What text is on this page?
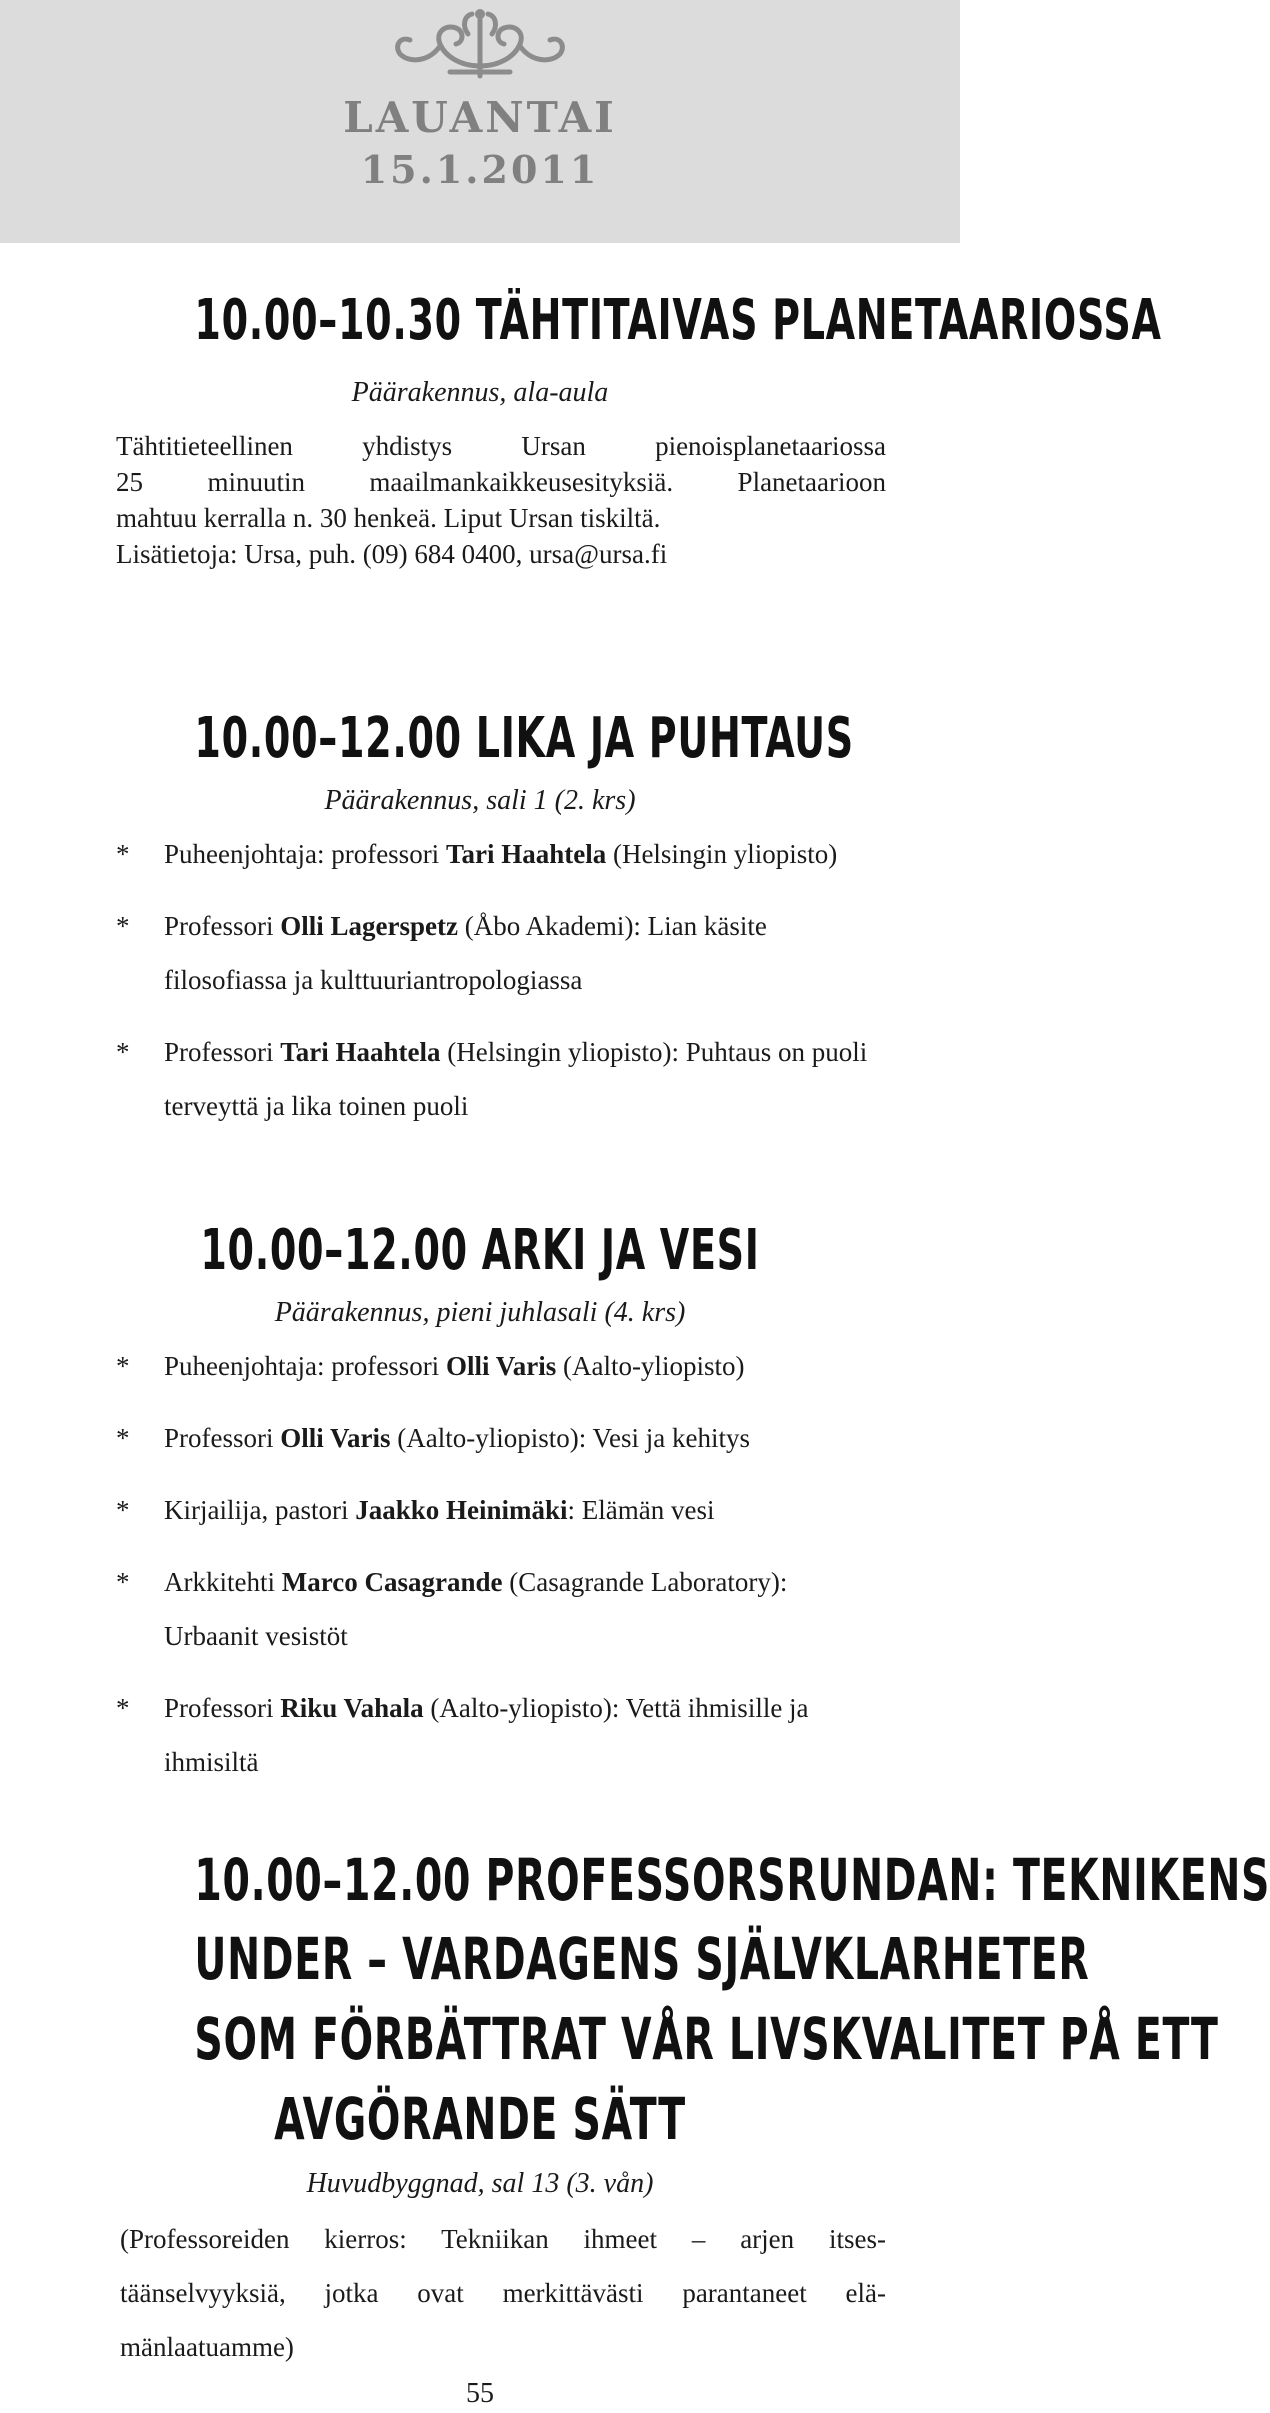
LAUANTAI
15.1.2011
10.00–10.30 TÄHTITAIVAS PLANETAARIOSSA
Päärakennus, ala-aula
Tähtitieteellinen yhdistys Ursan pienoisplanetaariossa
25 minuutin maailmankaikkeusesityksiä. Planetaarioon
mahtuu kerralla n. 30 henkeä. Liput Ursan tiskiltä.
Lisätietoja: Ursa, puh. (09) 684 0400, ursa@ursa.fi
10.00–12.00 LIKA JA PUHTAUS
Päärakennus, sali 1 (2. krs)
* Puheenjohtaja: professori Tari Haahtela (Helsingin yliopisto)
* Professori Olli Lagerspetz (Åbo Akademi): Lian käsite filosofiassa ja kulttuuriantropologiassa
* Professori Tari Haahtela (Helsingin yliopisto): Puhtaus on puoli terveyttä ja lika toinen puoli
10.00–12.00 ARKI JA VESI
Päärakennus, pieni juhlasali (4. krs)
* Puheenjohtaja: professori Olli Varis (Aalto-yliopisto)
* Professori Olli Varis (Aalto-yliopisto): Vesi ja kehitys
* Kirjailija, pastori Jaakko Heinimäki: Elämän vesi
* Arkkitehti Marco Casagrande (Casagrande Laboratory): Urbaanit vesistöt
* Professori Riku Vahala (Aalto-yliopisto): Vettä ihmisille ja ihmisiltä
10.00–12.00 PROFESSORSRUNDAN: TEKNIKENS
UNDER – VARDAGENS SJÄLVKLARHETER
SOM FÖRBÄTTRAT VÅR LIVSKVALITET PÅ ETT
AVGÖRANDE SÄTT
Huvudbyggnad, sal 13 (3. vån)
(Professoreiden kierros: Tekniikan ihmeet – arjen itses-
täänselvyyksiä, jotka ovat merkittävästi parantaneet elä-
mänlaatuamme)
55
